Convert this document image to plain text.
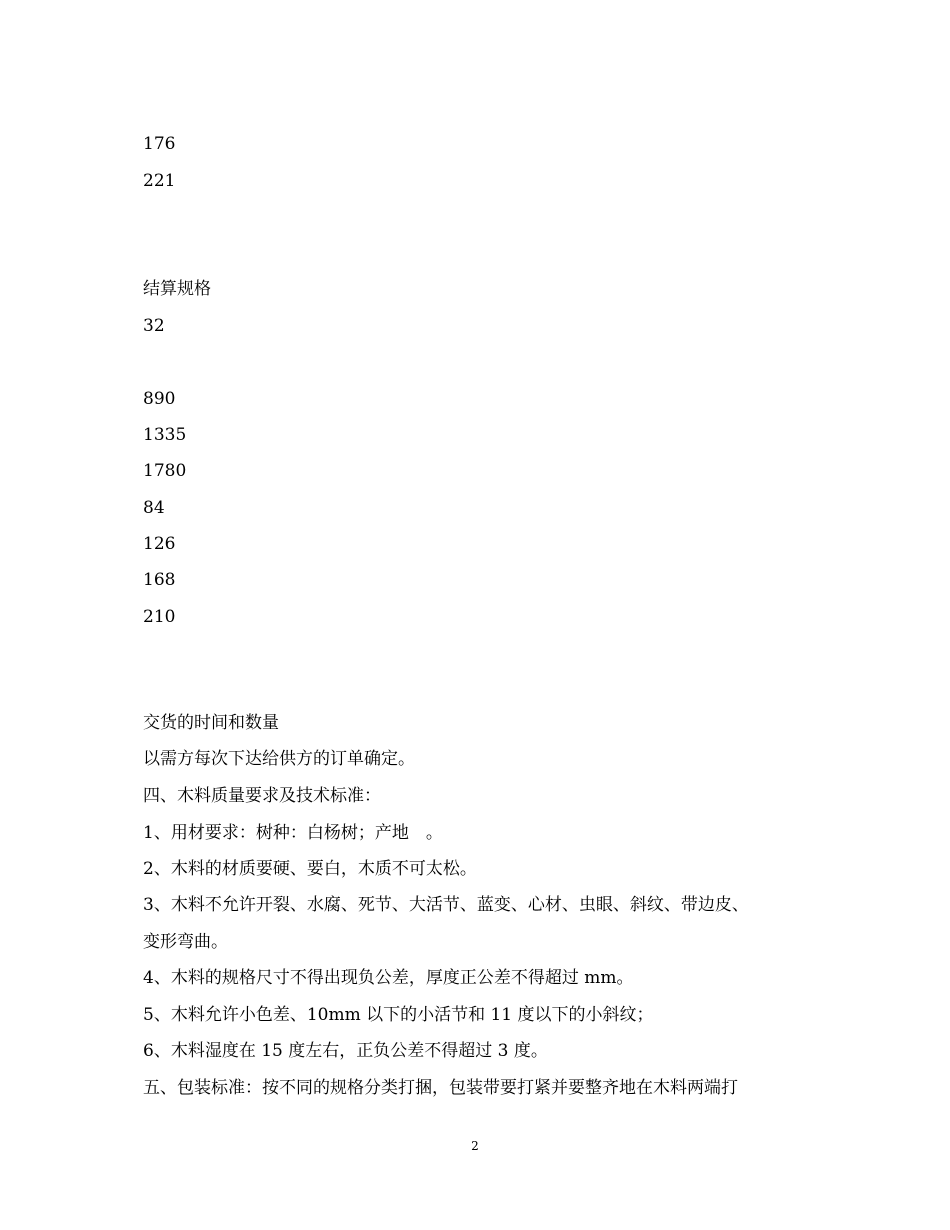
176
221
结算规格
32
890
1335
1780
84
126
168
210
交货的时间和数量
以需方每次下达给供方的订单确定。
四、木料质量要求及技术标准：
1、用材要求：树种：白杨树；产地　。
2、木料的材质要硬、要白，木质不可太松。
3、木料不允许开裂、水腐、死节、大活节、蓝变、心材、虫眼、斜纹、带边皮、
变形弯曲。
4、木料的规格尺寸不得出现负公差，厚度正公差不得超过 mm。
5、木料允许小色差、10mm 以下的小活节和 11 度以下的小斜纹；
6、木料湿度在 15 度左右，正负公差不得超过 3 度。
五、包装标准：按不同的规格分类打捆，包装带要打紧并要整齐地在木料两端打
2
